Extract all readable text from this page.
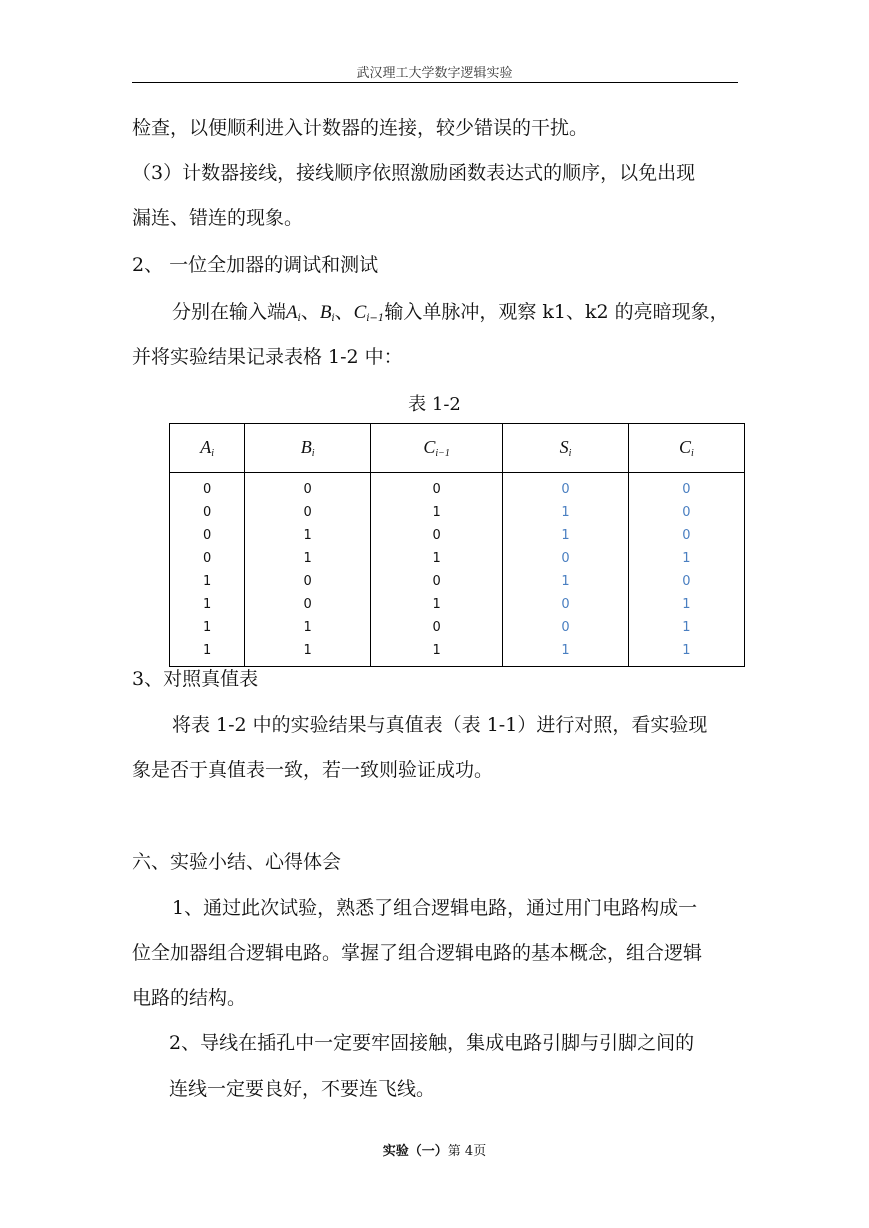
武汉理工大学数字逻辑实验
检查，以便顺利进入计数器的连接，较少错误的干扰。
（3）计数器接线，接线顺序依照激励函数表达式的顺序，以免出现
漏连、错连的现象。
2、 一位全加器的调试和测试
分别在输入端$A_i$、$B_i$、$C_{i-1}$输入单脉冲，观察 k1、k2 的亮暗现象，
并将实验结果记录表格 1-2 中：
表 1-2
$A_i$	$B_i$	$C_{i-1}$	$S_i$	$C_i$
0	0	0	0	0
0	0	1	1	0
0	1	0	1	0
0	1	1	0	1
1	0	0	1	0
1	0	1	0	1
1	1	0	0	1
1	1	1	1	1
3、对照真值表
将表 1-2 中的实验结果与真值表（表 1-1）进行对照，看实验现
象是否于真值表一致，若一致则验证成功。
六、实验小结、心得体会
1、通过此次试验，熟悉了组合逻辑电路，通过用门电路构成一
位全加器组合逻辑电路。掌握了组合逻辑电路的基本概念，组合逻辑
电路的结构。
2、导线在插孔中一定要牢固接触，集成电路引脚与引脚之间的
连线一定要良好，不要连飞线。
实验（一）第 4页
